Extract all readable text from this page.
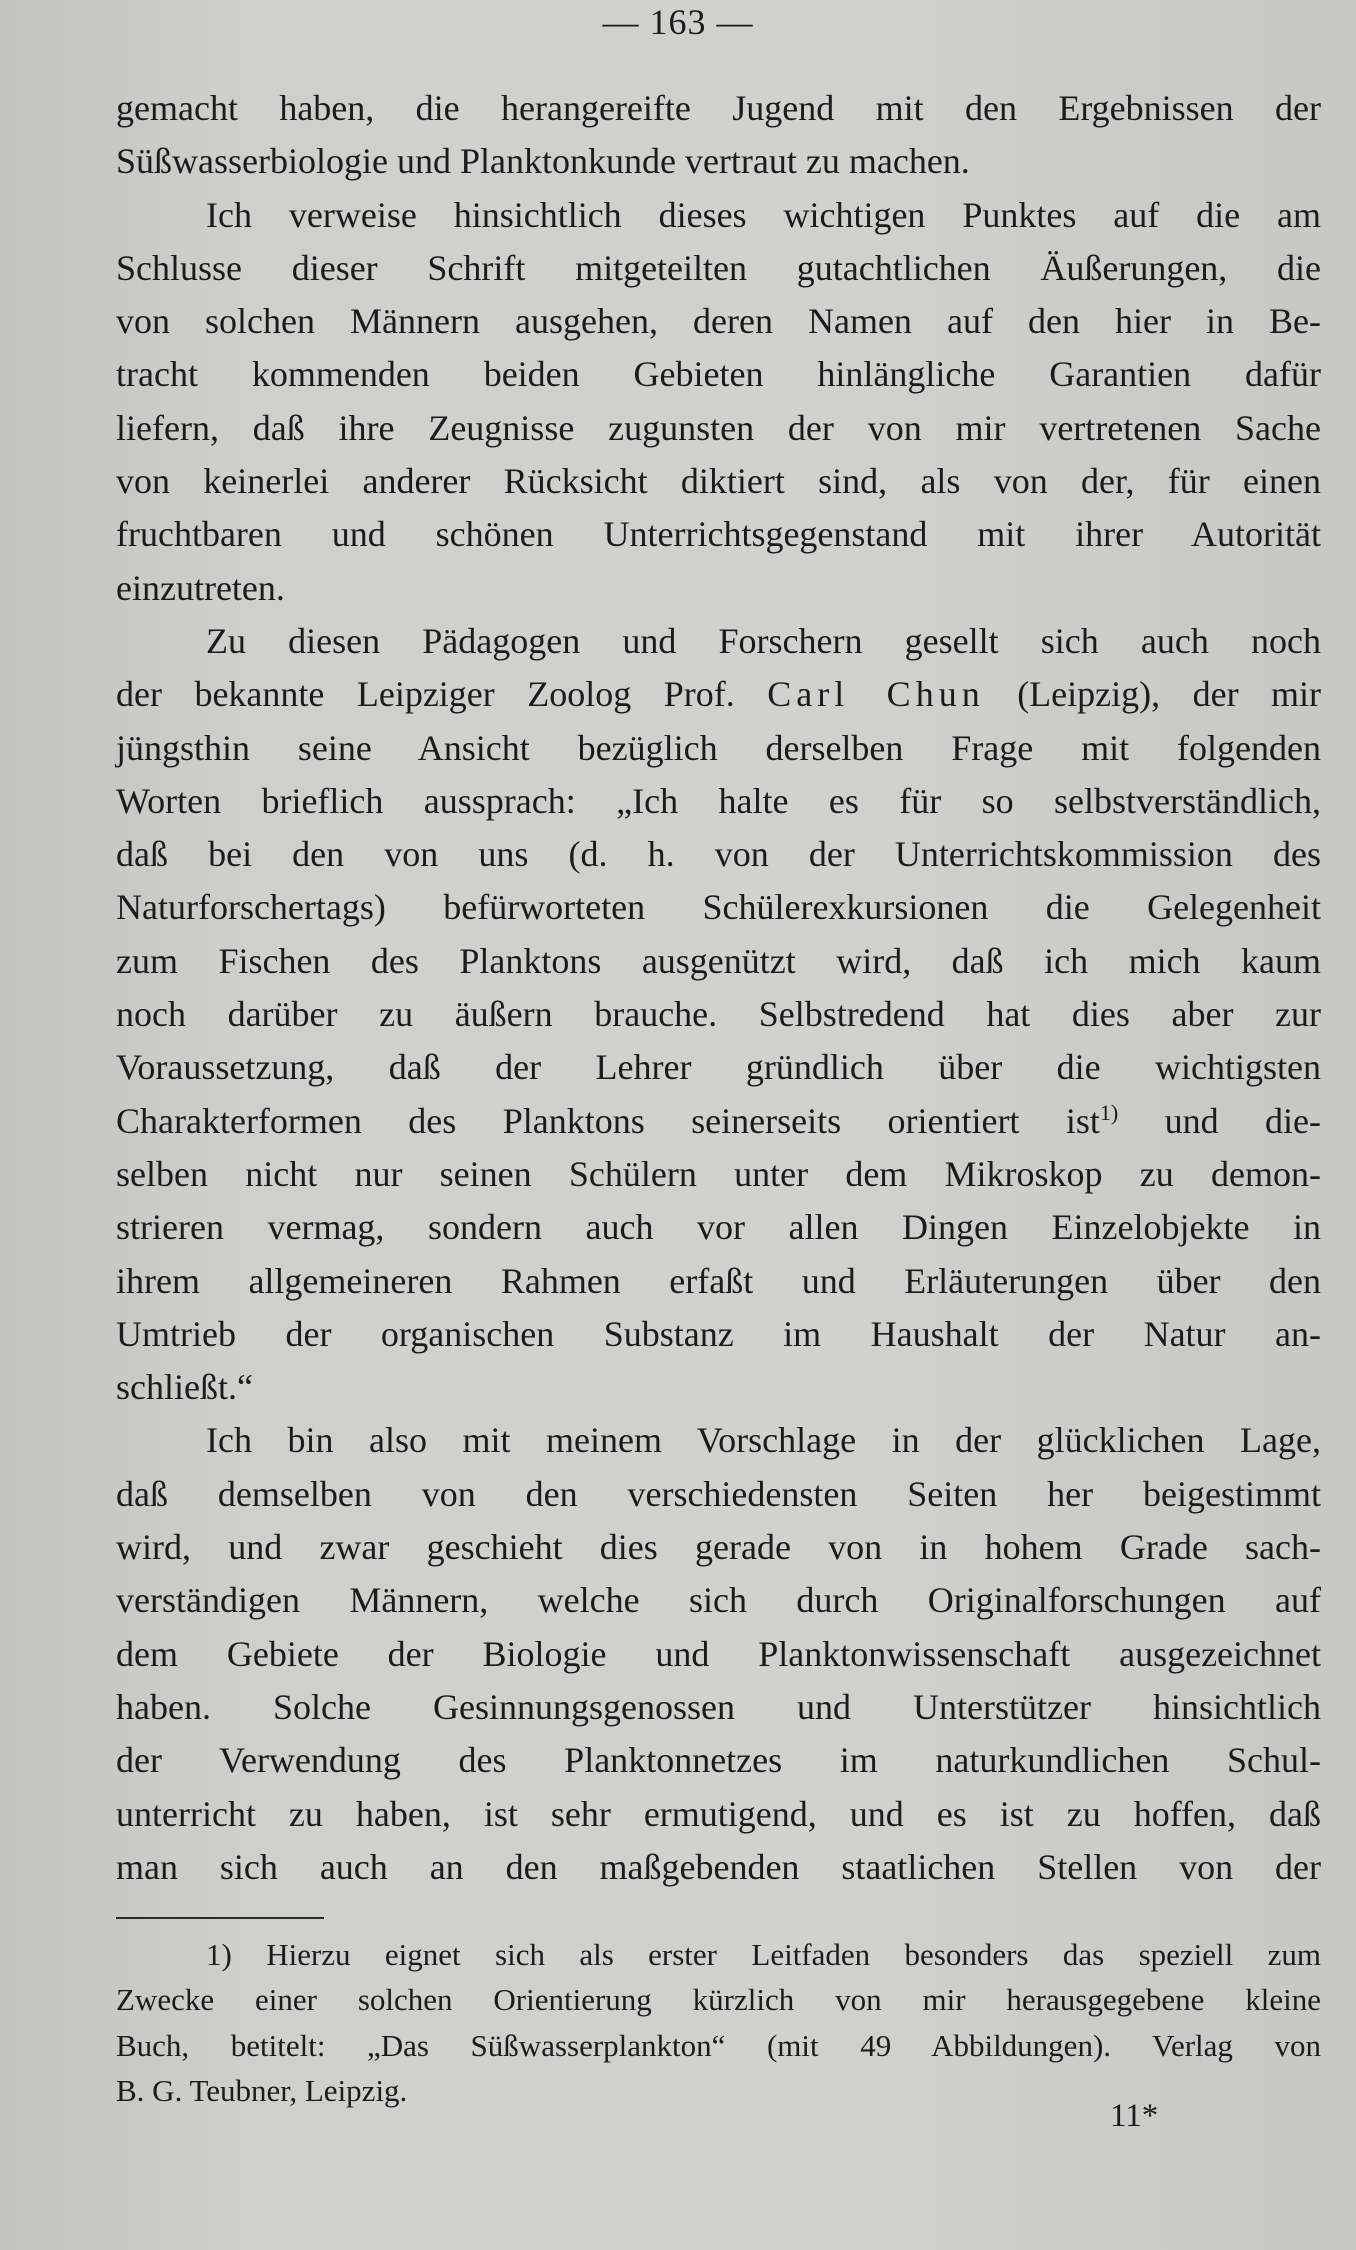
— 163 —
gemacht haben, die herangereifte Jugend mit den Ergebnissen der
Süßwasserbiologie und Planktonkunde vertraut zu machen.
Ich verweise hinsichtlich dieses wichtigen Punktes auf die am
Schlusse dieser Schrift mitgeteilten gutachtlichen Äußerungen, die
von solchen Männern ausgehen, deren Namen auf den hier in Be-
tracht kommenden beiden Gebieten hinlängliche Garantien dafür
liefern, daß ihre Zeugnisse zugunsten der von mir vertretenen Sache
von keinerlei anderer Rücksicht diktiert sind, als von der, für einen
fruchtbaren und schönen Unterrichtsgegenstand mit ihrer Autorität
einzutreten.
Zu diesen Pädagogen und Forschern gesellt sich auch noch
der bekannte Leipziger Zoolog Prof. Carl Chun (Leipzig), der mir
jüngsthin seine Ansicht bezüglich derselben Frage mit folgenden
Worten brieflich aussprach: „Ich halte es für so selbstverständlich,
daß bei den von uns (d. h. von der Unterrichtskommission des
Naturforschertags) befürworteten Schülerexkursionen die Gelegenheit
zum Fischen des Planktons ausgenützt wird, daß ich mich kaum
noch darüber zu äußern brauche. Selbstredend hat dies aber zur
Voraussetzung, daß der Lehrer gründlich über die wichtigsten
Charakterformen des Planktons seinerseits orientiert ist$^{1)}$ und die-
selben nicht nur seinen Schülern unter dem Mikroskop zu demon-
strieren vermag, sondern auch vor allen Dingen Einzelobjekte in
ihrem allgemeineren Rahmen erfaßt und Erläuterungen über den
Umtrieb der organischen Substanz im Haushalt der Natur an-
schließt.“
Ich bin also mit meinem Vorschlage in der glücklichen Lage,
daß demselben von den verschiedensten Seiten her beigestimmt
wird, und zwar geschieht dies gerade von in hohem Grade sach-
verständigen Männern, welche sich durch Originalforschungen auf
dem Gebiete der Biologie und Planktonwissenschaft ausgezeichnet
haben. Solche Gesinnungsgenossen und Unterstützer hinsichtlich
der Verwendung des Planktonnetzes im naturkundlichen Schul-
unterricht zu haben, ist sehr ermutigend, und es ist zu hoffen, daß
man sich auch an den maßgebenden staatlichen Stellen von der
1) Hierzu eignet sich als erster Leitfaden besonders das speziell zum
Zwecke einer solchen Orientierung kürzlich von mir herausgegebene kleine
Buch, betitelt: „Das Süßwasserplankton“ (mit 49 Abbildungen). Verlag von
B. G. Teubner, Leipzig.
11*
